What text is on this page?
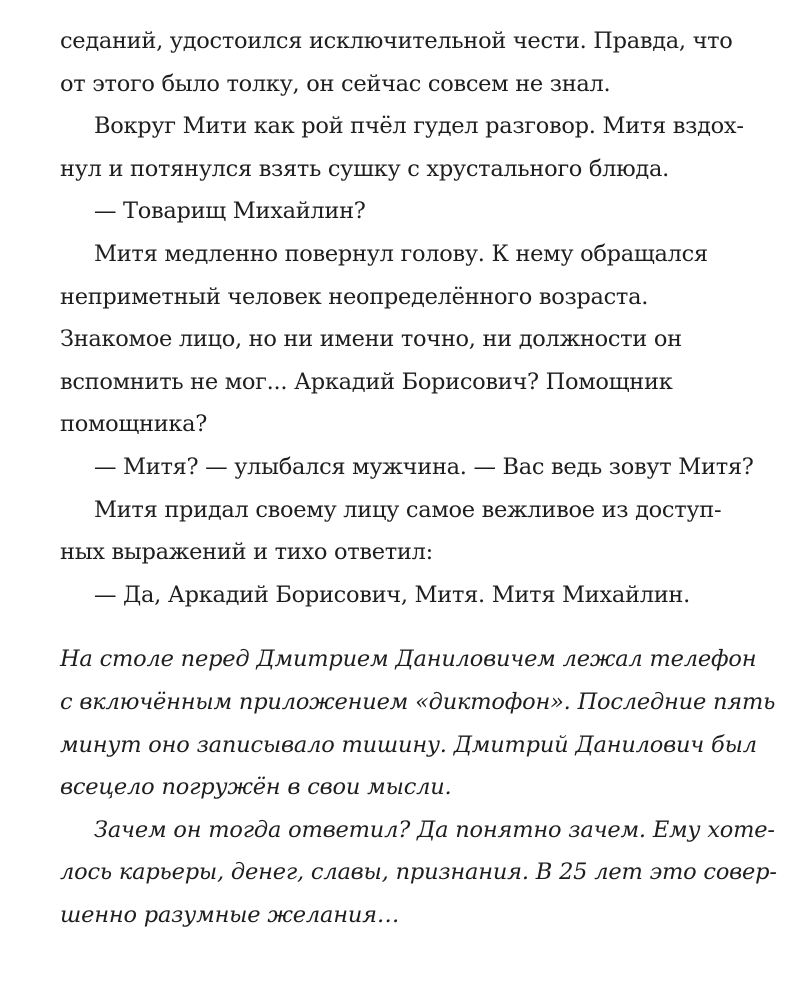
седаний, удостоился исключительной чести. Правда, что
от этого было толку, он сейчас совсем не знал.
Вокруг Мити как рой пчёл гудел разговор. Митя вздох-
нул и потянулся взять сушку с хрустального блюда.
— Товарищ Михайлин?
Митя медленно повернул голову. К нему обращался
неприметный человек неопределённого возраста.
Знакомое лицо, но ни имени точно, ни должности он
вспомнить не мог... Аркадий Борисович? Помощник
помощника?
— Митя? — улыбался мужчина. — Вас ведь зовут Митя?
Митя придал своему лицу самое вежливое из доступ-
ных выражений и тихо ответил:
— Да, Аркадий Борисович, Митя. Митя Михайлин.
На столе перед Дмитрием Даниловичем лежал телефон
с включённым приложением «диктофон». Последние пять
минут оно записывало тишину. Дмитрий Данилович был
всецело погружён в свои мысли.
Зачем он тогда ответил? Да понятно зачем. Ему хоте-
лось карьеры, денег, славы, признания. В 25 лет это совер-
шенно разумные желания…
